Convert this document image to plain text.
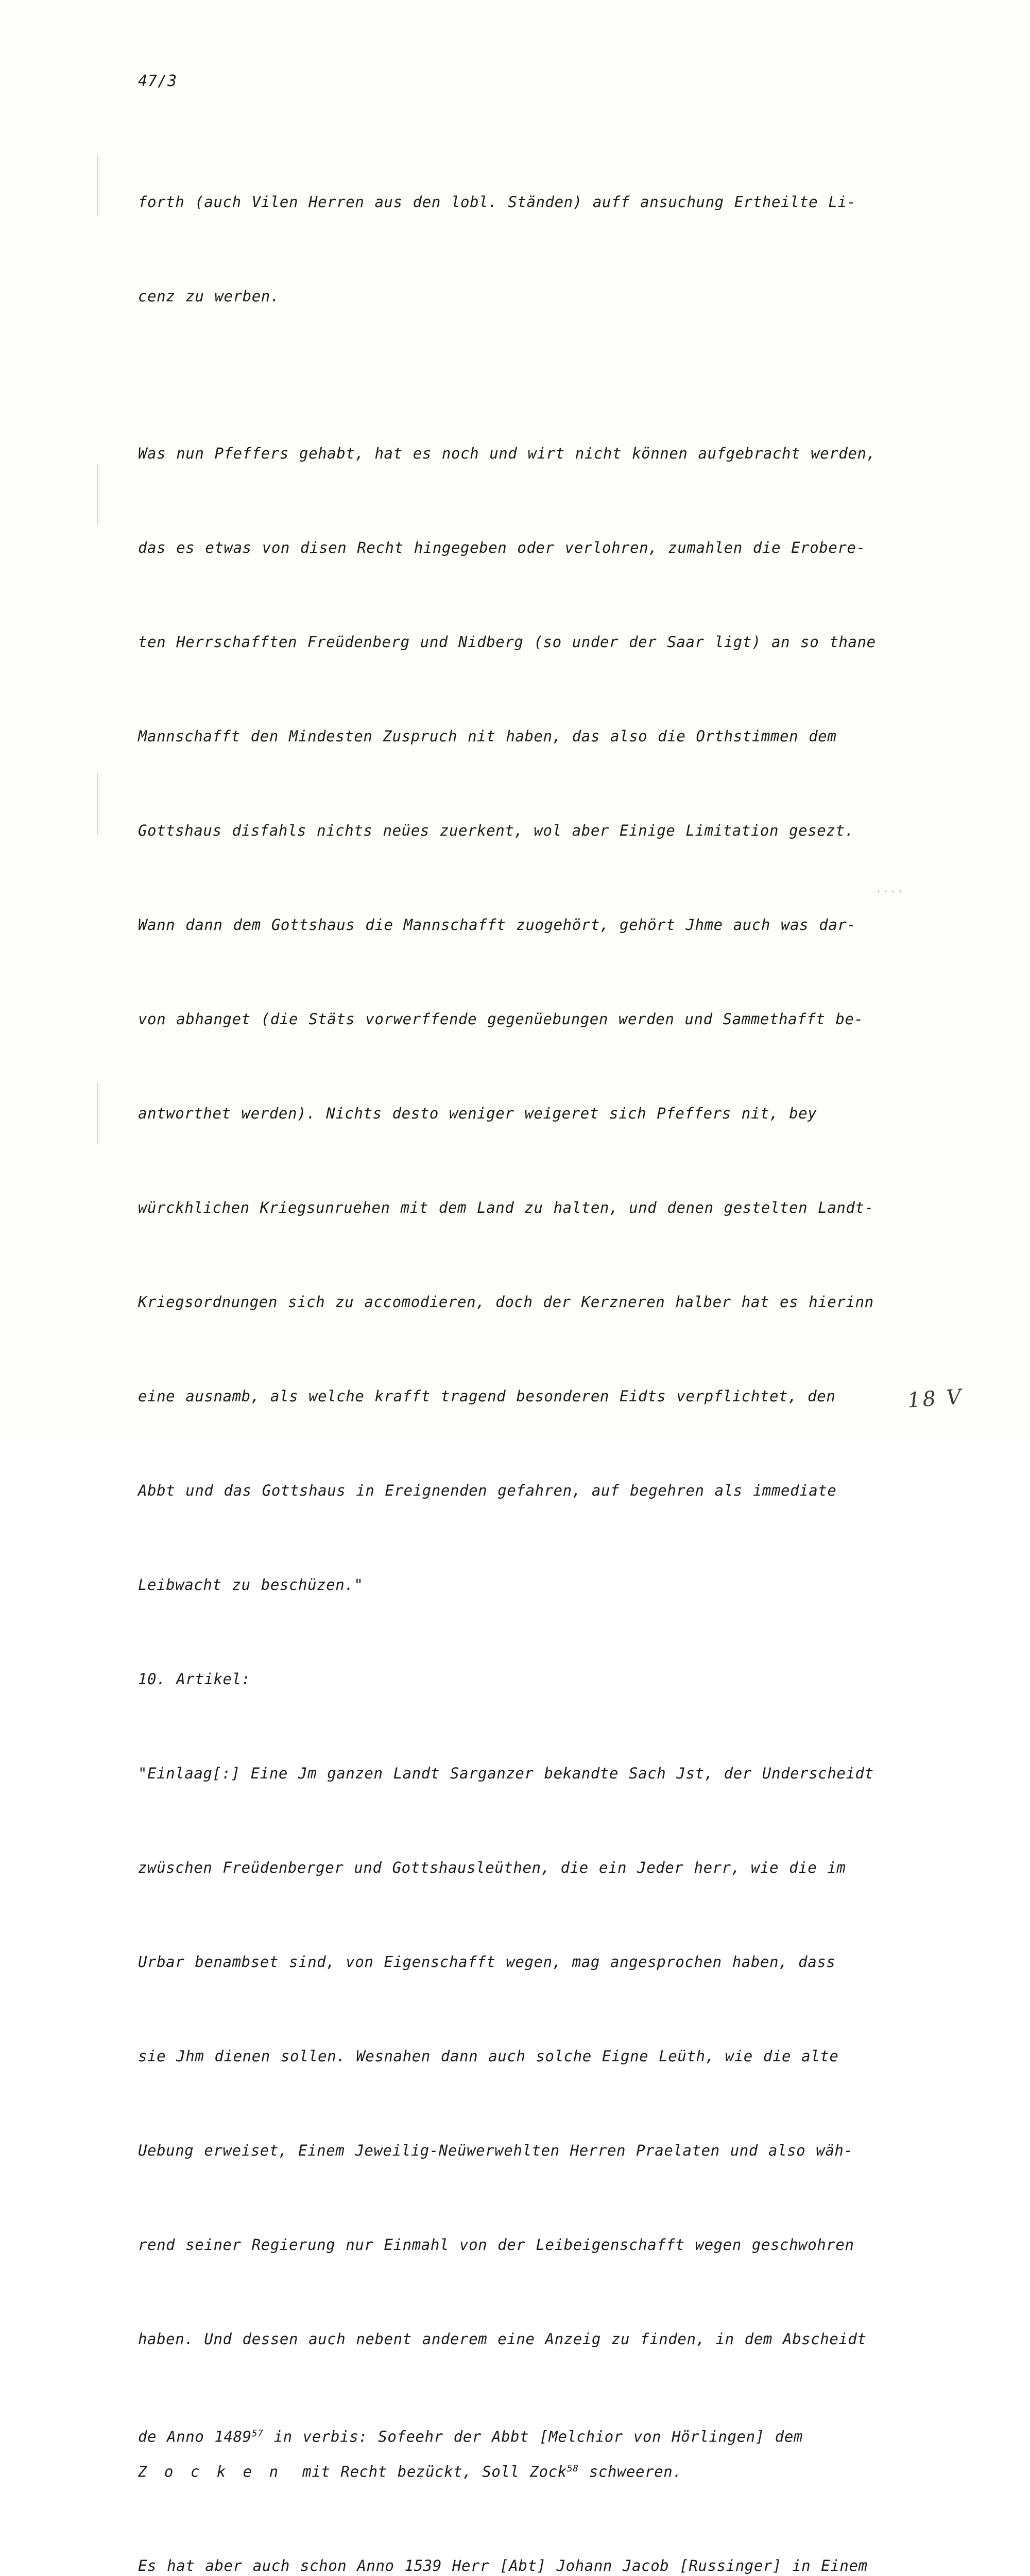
47/3

forth (auch Vilen Herren aus den lobl. Ständen) auff ansuchung Ertheilte Li-

cenz zu werben.

Was nun Pfeffers gehabt, hat es noch und wirt nicht können aufgebracht werden,

das es etwas von disen Recht hingegeben oder verlohren, zumahlen die Erobere-

ten Herrschafften Freüdenberg und Nidberg (so under der Saar ligt) an so thane

Mannschafft den Mindesten Zuspruch nit haben, das also die Orthstimmen dem

Gottshaus disfahls nichts neües zuerkent, wol aber Einige Limitation gesezt.

Wann dann dem Gottshaus die Mannschafft zuogehört, gehört Jhme auch was dar-

von abhanget (die Stäts vorwerffende gegenüebungen werden und Sammethafft be-

antworthet werden). Nichts desto weniger weigeret sich Pfeffers nit, bey

würckhlichen Kriegsunruehen mit dem Land zu halten, und denen gestelten Landt-

Kriegsordnungen sich zu accomodieren, doch der Kerzneren halber hat es hierinn

eine ausnamb, als welche krafft tragend besonderen Eidts verpflichtet, den

Abbt und das Gottshaus in Ereignenden gefahren, auf begehren als immediate

Leibwacht zu beschüzen."

10. Artikel:

"Einlaag[:] Eine Jm ganzen Landt Sarganzer bekandte Sach Jst, der Underscheidt

zwüschen Freüdenberger und Gottshausleüthen, die ein Jeder herr, wie die im

Urbar benambset sind, von Eigenschafft wegen, mag angesprochen haben, dass

sie Jhm dienen sollen. Wesnahen dann auch solche Eigne Leüth, wie die alte

Uebung erweiset, Einem Jeweilig-Neüwerwehlten Herren Praelaten und also wäh-

rend seiner Regierung nur Einmahl von der Leibeigenschafft wegen geschwohren

haben. Und dessen auch nebent anderem eine Anzeig zu finden, in dem Abscheidt

de Anno 1489$^{57}$ in verbis: Sofeehr der Abbt [Melchior von Hörlingen] dem

Z o c k e n  mit Recht bezückt, Soll Zock$^{58}$ schweeren.

Es hat aber auch schon Anno 1539 Herr [Abt] Johann Jacob [Russinger] in Einem

····
18 V
